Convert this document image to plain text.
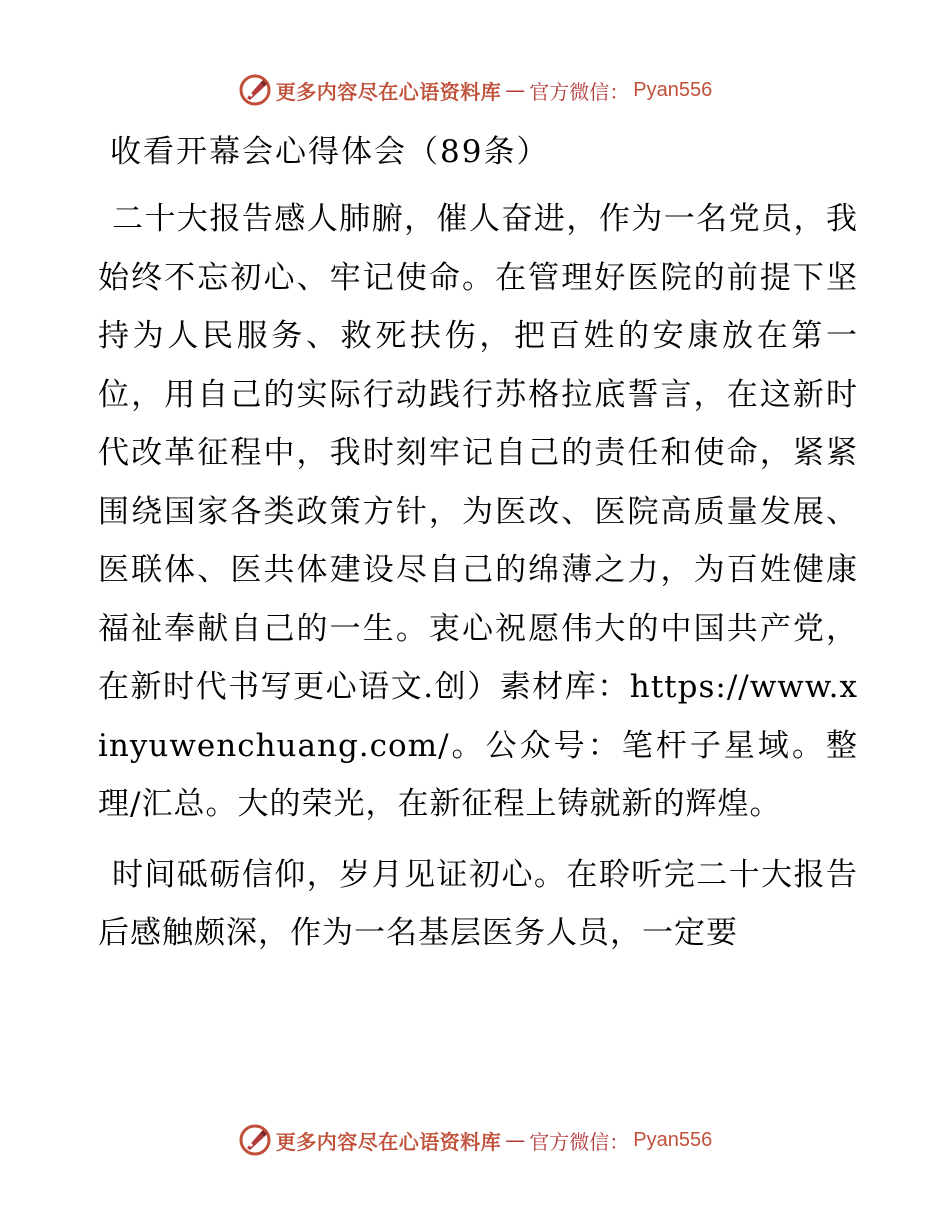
更多内容尽在心语资料库 — 官方微信： Pyan556
收看开幕会心得体会（89条）

二十大报告感人肺腑，催人奋进，作为一名党员，我始终不忘初心、牢记使命。在管理好医院的前提下坚持为人民服务、救死扶伤，把百姓的安康放在第一位，用自己的实际行动践行苏格拉底誓言，在这新时代改革征程中，我时刻牢记自己的责任和使命，紧紧围绕国家各类政策方针，为医改、医院高质量发展、医联体、医共体建设尽自己的绵薄之力，为百姓健康福祉奉献自己的一生。衷心祝愿伟大的中国共产党，在新时代书写更心语文.创）素材库：https://www.xinyuwenchuang.com/。公众号：笔杆子星域。整理/汇总。大的荣光，在新征程上铸就新的辉煌。

时间砥砺信仰，岁月见证初心。在聆听完二十大报告后感触颇深，作为一名基层医务人员，一定要

更多内容尽在心语资料库 — 官方微信： Pyan556
